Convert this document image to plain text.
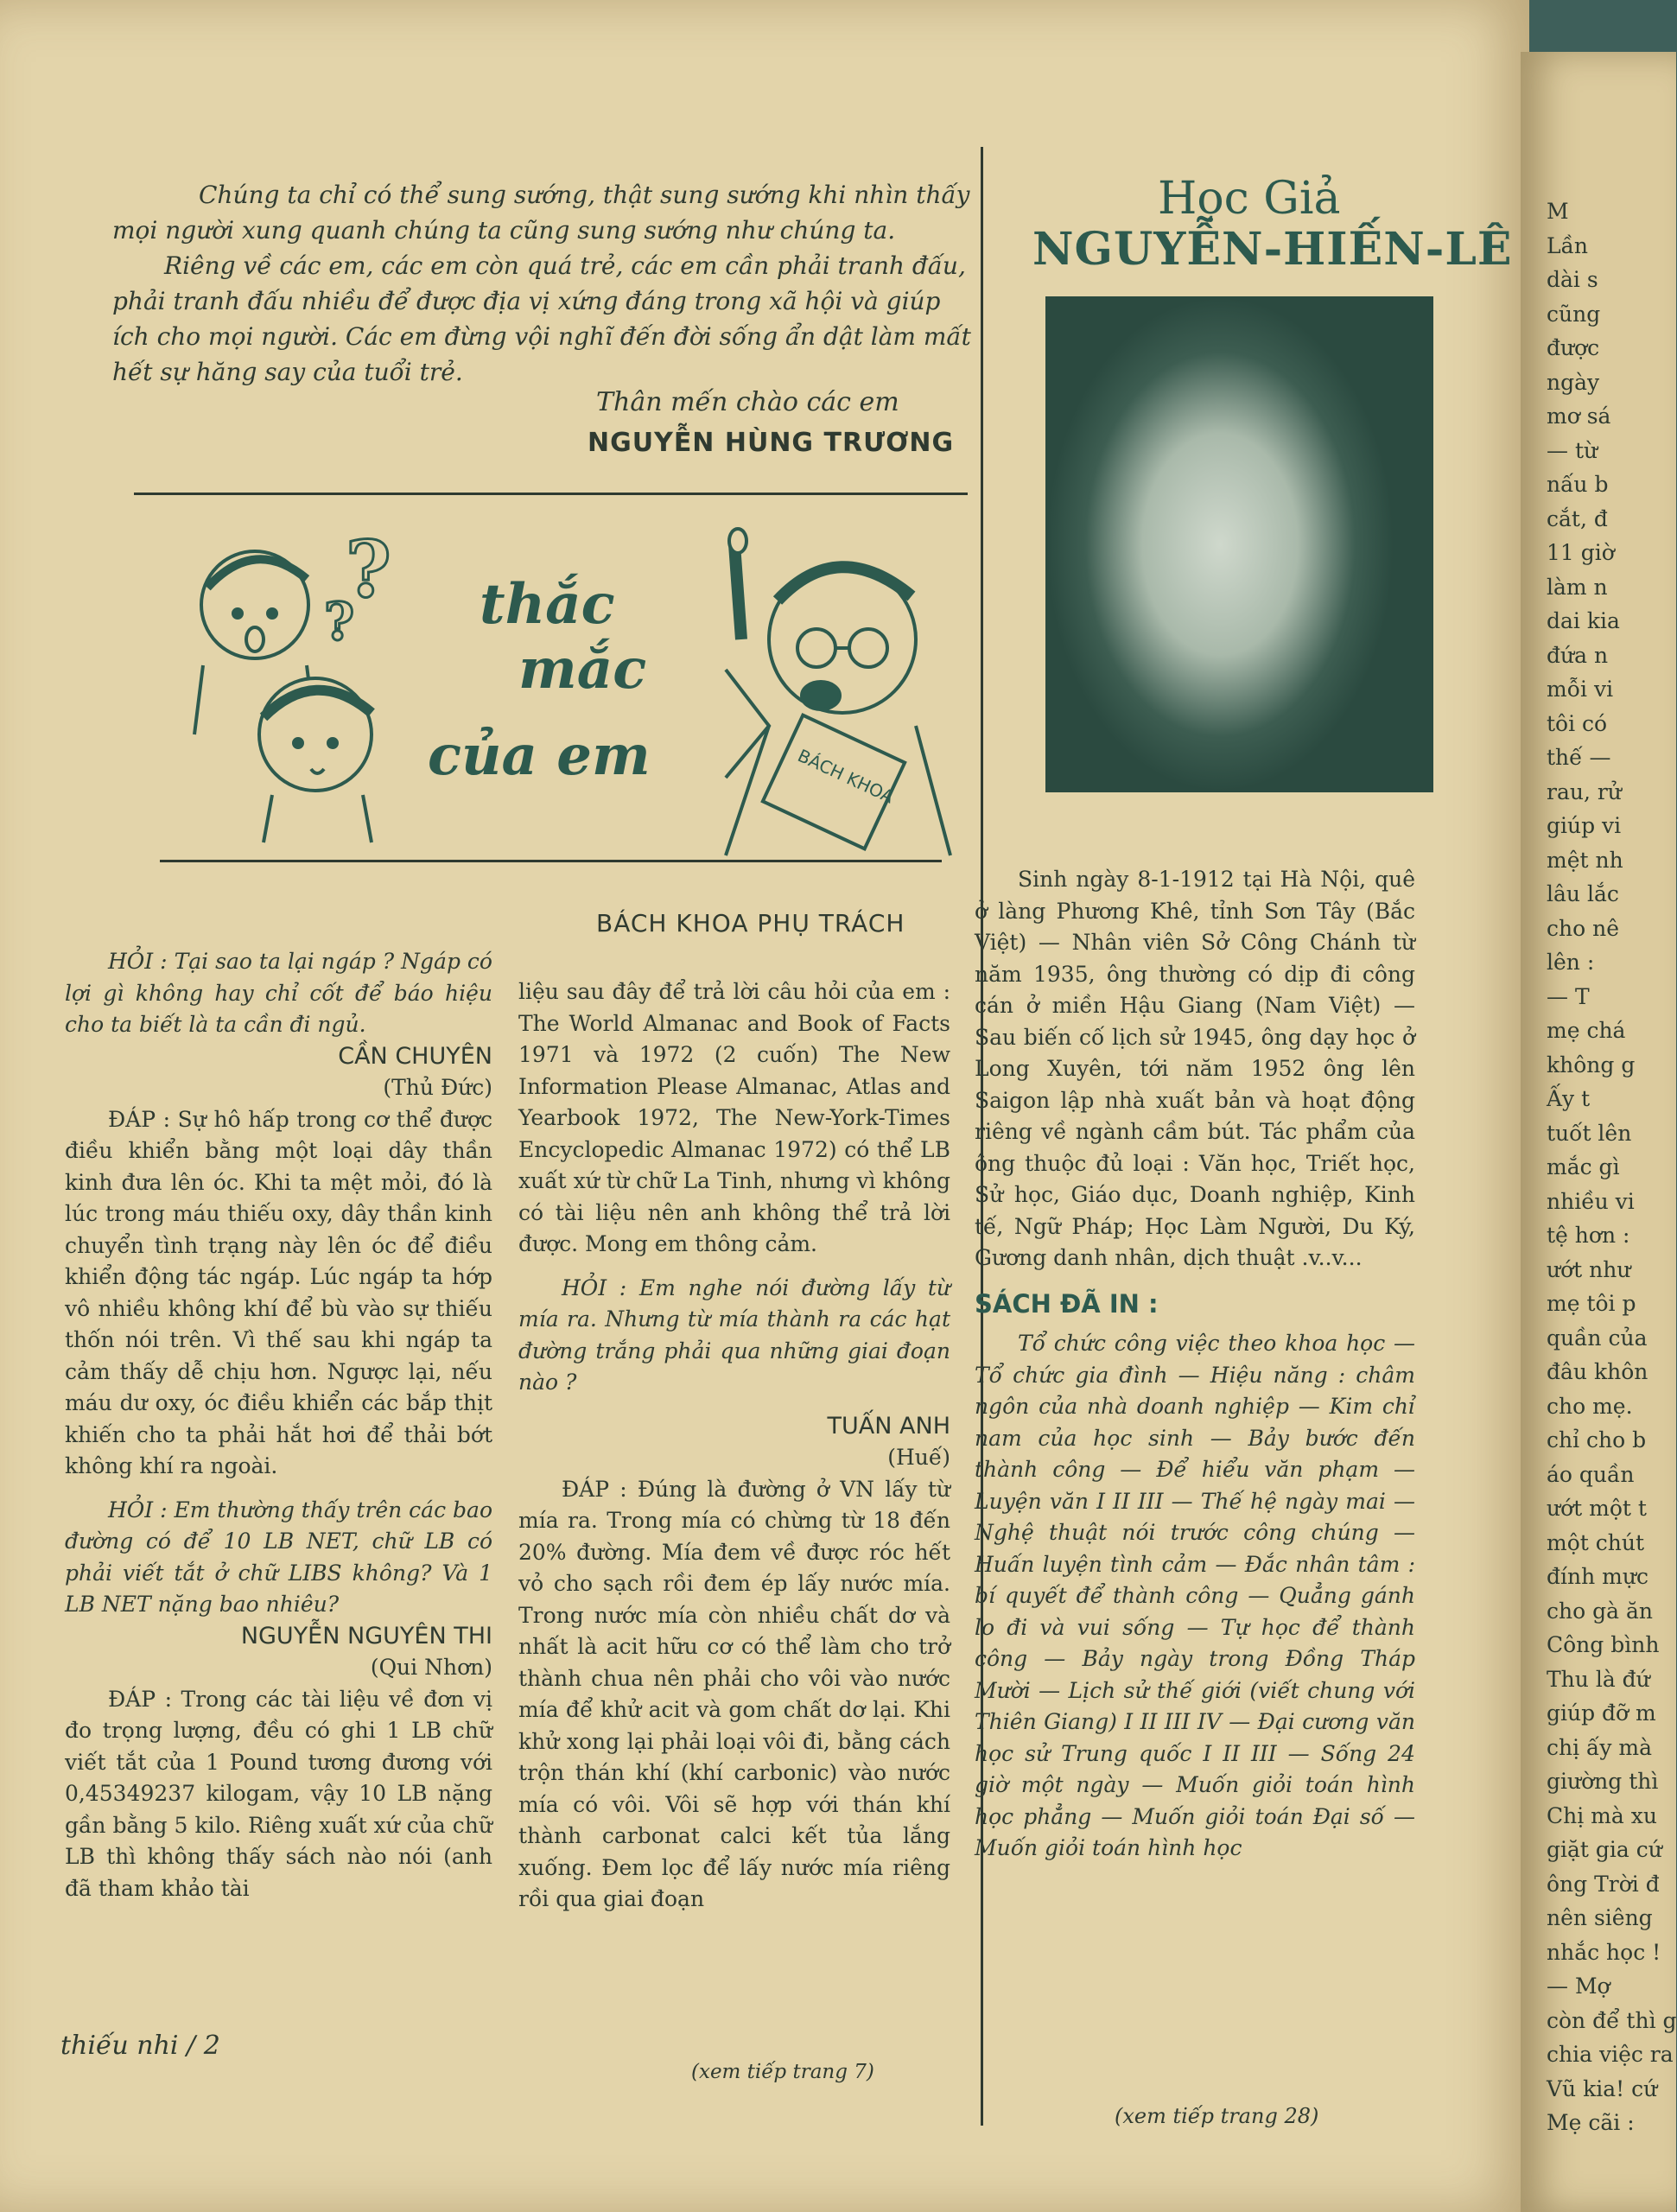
Chúng ta chỉ có thể sung sướng, thật sung sướng khi nhìn thấy mọi người xung quanh chúng ta cũng sung sướng như chúng ta.

Riêng về các em, các em còn quá trẻ, các em cần phải tranh đấu, phải tranh đấu nhiều để được địa vị xứng đáng trong xã hội và giúp ích cho mọi người. Các em đừng vội nghĩ đến đời sống ẩn dật làm mất hết sự hăng say của tuổi trẻ.

Thân mến chào các em
NGUYỄN HÙNG TRƯƠNG
?
? thắc
mắc
của em	BÁCH KHOA
BÁCH KHOA PHỤ TRÁCH

HỎI : Tại sao ta lại ngáp ? Ngáp có lợi gì không hay chỉ cốt để báo hiệu cho ta biết là ta cần đi ngủ.

CẦN CHUYÊN

(Thủ Đức)

ĐÁP : Sự hô hấp trong cơ thể được điều khiển bằng một loại dây thần kinh đưa lên óc. Khi ta mệt mỏi, đó là lúc trong máu thiếu oxy, dây thần kinh chuyển tình trạng này lên óc để điều khiển động tác ngáp. Lúc ngáp ta hớp vô nhiều không khí để bù vào sự thiếu thốn nói trên. Vì thế sau khi ngáp ta cảm thấy dễ chịu hơn. Ngược lại, nếu máu dư oxy, óc điều khiển các bắp thịt khiến cho ta phải hắt hơi để thải bớt không khí ra ngoài.

HỎI : Em thường thấy trên các bao đường có để 10 LB NET, chữ LB có phải viết tắt ở chữ LIBS không? Và 1 LB NET nặng bao nhiêu?

NGUYỄN NGUYÊN THI

(Qui Nhơn)

ĐÁP : Trong các tài liệu về đơn vị đo trọng lượng, đều có ghi 1 LB chữ viết tắt của 1 Pound tương đương với 0,45349237 kilogam, vậy 10 LB nặng gần bằng 5 kilo. Riêng xuất xứ của chữ LB thì không thấy sách nào nói (anh đã tham khảo tài

liệu sau đây để trả lời câu hỏi của em : The World Almanac and Book of Facts 1971 và 1972 (2 cuốn) The New Information Please Almanac, Atlas and Yearbook 1972, The New-York-Times Encyclopedic Almanac 1972) có thể LB xuất xứ từ chữ La Tinh, nhưng vì không có tài liệu nên anh không thể trả lời được. Mong em thông cảm.

HỎI : Em nghe nói đường lấy từ mía ra. Nhưng từ mía thành ra các hạt đường trắng phải qua những giai đoạn nào ?

TUẤN ANH

(Huế)

ĐÁP : Đúng là đường ở VN lấy từ mía ra. Trong mía có chừng từ 18 đến 20% đường. Mía đem về được róc hết vỏ cho sạch rồi đem ép lấy nước mía. Trong nước mía còn nhiều chất dơ và nhất là acit hữu cơ có thể làm cho trở thành chua nên phải cho vôi vào nước mía để khử acit và gom chất dơ lại. Khi khử xong lại phải loại vôi đi, bằng cách trộn thán khí (khí carbonic) vào nước mía có vôi. Vôi sẽ hợp với thán khí thành carbonat calci kết tủa lắng xuống. Đem lọc để lấy nước mía riêng rồi qua giai đoạn

(xem tiếp trang 7)
Học Giả
NGUYỄN-HIẾN-LÊ

Sinh ngày 8-1-1912 tại Hà Nội, quê ở làng Phương Khê, tỉnh Sơn Tây (Bắc Việt) — Nhân viên Sở Công Chánh từ năm 1935, ông thường có dịp đi công cán ở miền Hậu Giang (Nam Việt) — Sau biến cố lịch sử 1945, ông dạy học ở Long Xuyên, tới năm 1952 ông lên Saigon lập nhà xuất bản và hoạt động riêng về ngành cầm bút. Tác phẩm của ông thuộc đủ loại : Văn học, Triết học, Sử học, Giáo dục, Doanh nghiệp, Kinh tế, Ngữ Pháp; Học Làm Người, Du Ký, Gương danh nhân, dịch thuật .v..v...

SÁCH ĐÃ IN :

Tổ chức công việc theo khoa học — Tổ chức gia đình — Hiệu năng : châm ngôn của nhà doanh nghiệp — Kim chỉ nam của học sinh — Bảy bước đến thành công — Để hiểu văn phạm — Luyện văn I II III — Thế hệ ngày mai — Nghệ thuật nói trước công chúng — Huấn luyện tình cảm — Đắc nhân tâm : bí quyết để thành công — Quẳng gánh lo đi và vui sống — Tự học để thành công — Bảy ngày trong Đồng Tháp Mười — Lịch sử thế giới (viết chung với Thiên Giang) I II III IV — Đại cương văn học sử Trung quốc I II III — Sống 24 giờ một ngày — Muốn giỏi toán hình học phẳng — Muốn giỏi toán Đại số — Muốn giỏi toán hình học

(xem tiếp trang 28)
thiếu nhi / 2
M
Lần
dài s
cũng
được
ngày
mơ sá
— từ
nấu b
cắt, đ
11 giờ
làm n
dai kia
đứa n
mỗi vi
tôi có
thế —
rau, rử
giúp vi
mệt nh
lâu lắc
cho nê
lên :
— T
mẹ chá
không g
Ấy t
tuốt lên
mắc gì
nhiều vi
tệ hơn :
ướt như
mẹ tôi p
quần của
đâu khôn
cho mẹ.
chỉ cho b
áo quần
ướt một t
một chút
đính mực
cho gà ăn
Công bình
Thu là đứ
giúp đỡ m
chị ấy mà
giường thì
Chị mà xu
giặt gia cứ
ông Trời đ
nên siêng
nhắc học !
— Mợ
còn để thì g
chia việc ra
Vũ kia! cứ
Mẹ cãi :
